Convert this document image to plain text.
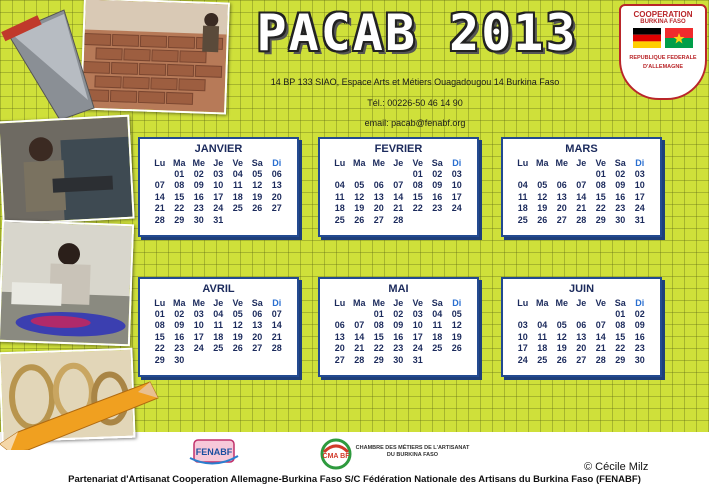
PACAB 2013
14 BP 133 SIAO, Espace Arts et Métiers Ouagadougou 14 Burkina Faso
Tél.: 00226-50 46 14 90
email: pacab@fenabf.org
COOPERATION
BURKINA FASO
REPUBLIQUE FEDERALE
D'ALLEMAGNE
JANVIER
Lu	Ma	Me	Je	Ve	Sa	Di
	01	02	03	04	05	06
07	08	09	10	11	12	13
14	15	16	17	18	19	20
21	22	23	24	25	26	27
28	29	30	31			
FEVRIER
Lu	Ma	Me	Je	Ve	Sa	Di
				01	02	03
04	05	06	07	08	09	10
11	12	13	14	15	16	17
18	19	20	21	22	23	24
25	26	27	28			
MARS
Lu	Ma	Me	Je	Ve	Sa	Di
				01	02	03
04	05	06	07	08	09	10
11	12	13	14	15	16	17
18	19	20	21	22	23	24
25	26	27	28	29	30	31
AVRIL
Lu	Ma	Me	Je	Ve	Sa	Di
01	02	03	04	05	06	07
08	09	10	11	12	13	14
15	16	17	18	19	20	21
22	23	24	25	26	27	28
29	30					
MAI
Lu	Ma	Me	Je	Ve	Sa	Di
		01	02	03	04	05
06	07	08	09	10	11	12
13	14	15	16	17	18	19
20	21	22	23	24	25	26
27	28	29	30	31		
JUIN
Lu	Ma	Me	Je	Ve	Sa	Di
					01	02
03	04	05	06	07	08	09
10	11	12	13	14	15	16
17	18	19	20	21	22	23
24	25	26	27	28	29	30
FENABF	CMA BF
CHAMBRE DES MÉTIERS DE L'ARTISANAT
DU BURKINA FASO
© Cécile Milz
Partenariat d'Artisanat Cooperation Allemagne-Burkina Faso S/C Fédération Nationale des Artisans du Burkina Faso (FENABF)
